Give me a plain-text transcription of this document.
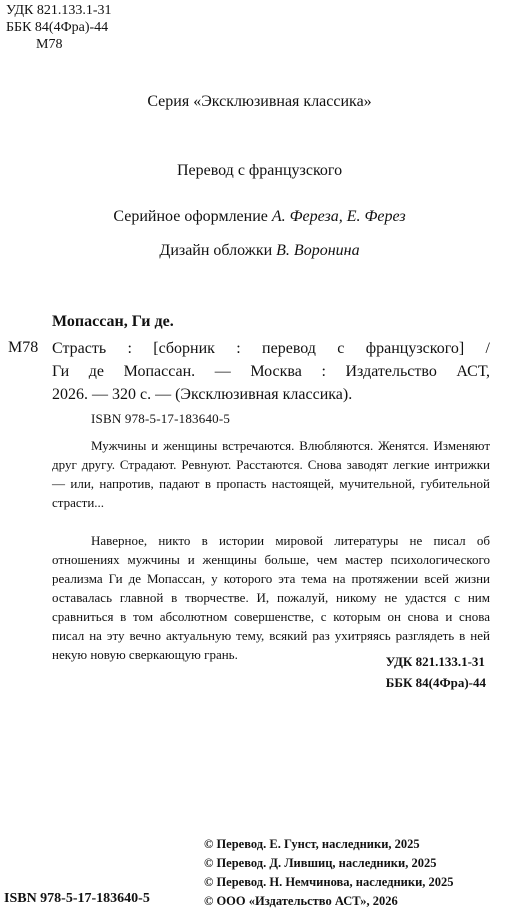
УДК 821.133.1-31
ББК 84(4Фра)-44
М78
Серия «Эксклюзивная классика»
Перевод с французского
Серийное оформление А. Фереза, Е. Ферез
Дизайн обложки В. Воронина
Мопассан, Ги де.
М78 Страсть : [сборник : перевод с французского] /
Ги де Мопассан. — Москва : Издательство АСТ,
2026. — 320 с. — (Эксклюзивная классика).
ISBN 978-5-17-183640-5

Мужчины и женщины встречаются. Влюбляются. Женятся. Изменяют друг другу. Страдают. Ревнуют. Расстаются. Снова заводят легкие интрижки — или, напротив, падают в пропасть настоящей, мучительной, губительной страсти...

Наверное, никто в истории мировой литературы не писал об отношениях мужчины и женщины больше, чем мастер психологического реализма Ги де Мопассан, у которого эта тема на протяжении всей жизни оставалась главной в творчестве. И, пожалуй, никому не удастся с ним сравниться в том абсолютном совершенстве, с которым он снова и снова писал на эту вечно актуальную тему, всякий раз ухитряясь разглядеть в ней некую новую сверкающую грань.	УДК 821.133.1-31
ББК 84(4Фра)-44
© Перевод. Е. Гунст, наследники, 2025
© Перевод. Д. Лившиц, наследники, 2025
© Перевод. Н. Немчинова, наследники, 2025
© ООО «Издательство АСТ», 2026
ISBN 978-5-17-183640-5
